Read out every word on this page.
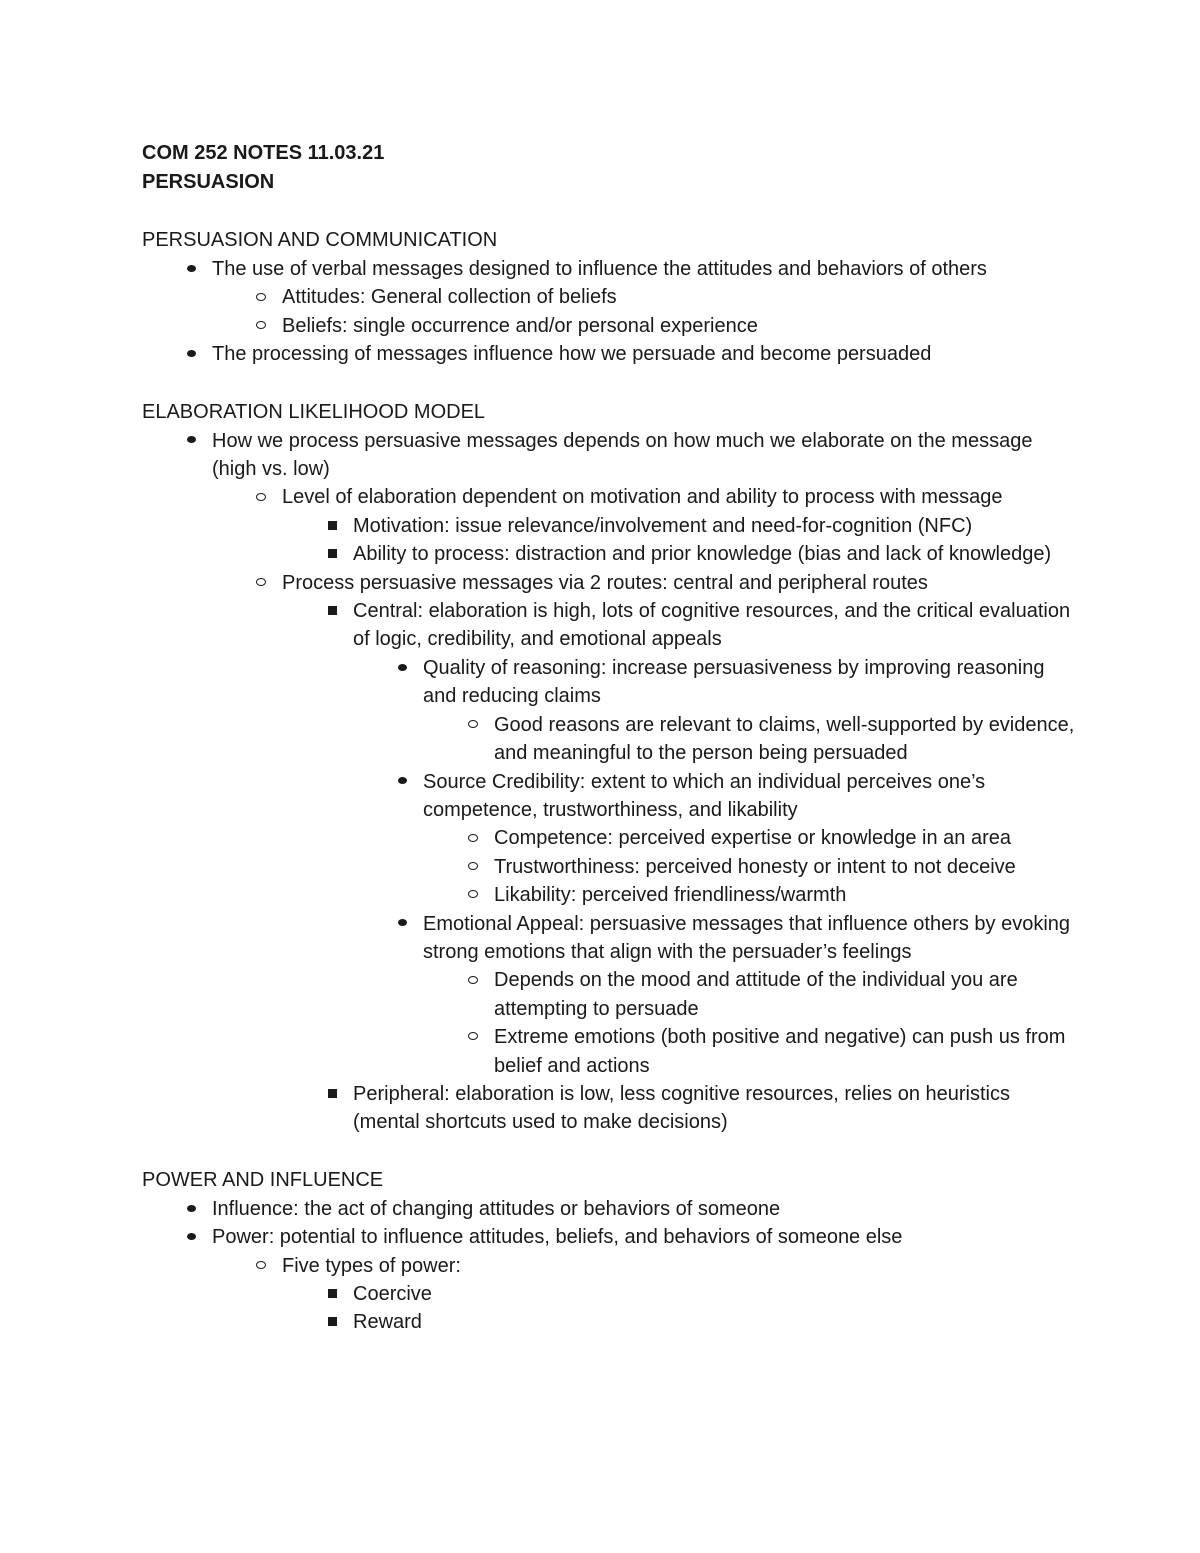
COM 252 NOTES 11.03.21
PERSUASION
PERSUASION AND COMMUNICATION
The use of verbal messages designed to influence the attitudes and behaviors of others
Attitudes: General collection of beliefs
Beliefs: single occurrence and/or personal experience
The processing of messages influence how we persuade and become persuaded
ELABORATION LIKELIHOOD MODEL
How we process persuasive messages depends on how much we elaborate on the message (high vs. low)
Level of elaboration dependent on motivation and ability to process with message
Motivation: issue relevance/involvement and need-for-cognition (NFC)
Ability to process: distraction and prior knowledge (bias and lack of knowledge)
Process persuasive messages via 2 routes: central and peripheral routes
Central: elaboration is high, lots of cognitive resources, and the critical evaluation of logic, credibility, and emotional appeals
Quality of reasoning: increase persuasiveness by improving reasoning and reducing claims
Good reasons are relevant to claims, well-supported by evidence, and meaningful to the person being persuaded
Source Credibility: extent to which an individual perceives one’s competence, trustworthiness, and likability
Competence: perceived expertise or knowledge in an area
Trustworthiness: perceived honesty or intent to not deceive
Likability: perceived friendliness/warmth
Emotional Appeal: persuasive messages that influence others by evoking strong emotions that align with the persuader’s feelings
Depends on the mood and attitude of the individual you are attempting to persuade
Extreme emotions (both positive and negative) can push us from belief and actions
Peripheral: elaboration is low, less cognitive resources, relies on heuristics (mental shortcuts used to make decisions)
POWER AND INFLUENCE
Influence: the act of changing attitudes or behaviors of someone
Power: potential to influence attitudes, beliefs, and behaviors of someone else
Five types of power:
Coercive
Reward
